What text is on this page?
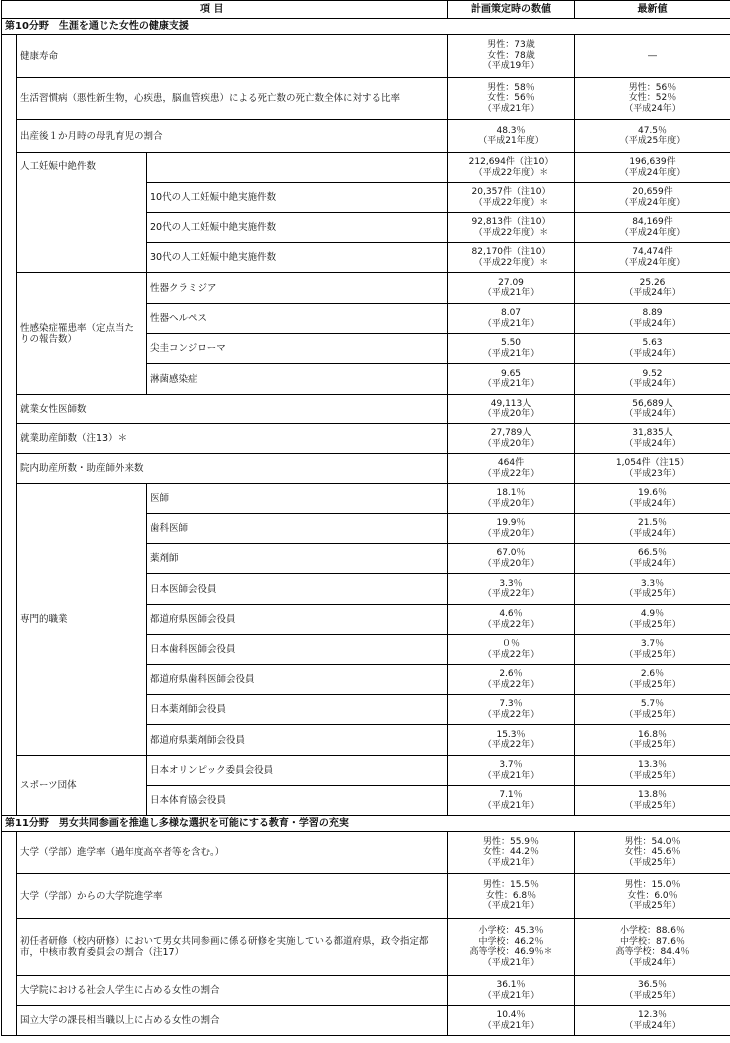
項 目			計画策定時の数値	最新値
第10分野　生涯を通じた女性の健康支援				
	健康寿命		男性：73歳
女性：78歳
（平成19年）	―
	生活習慣病（悪性新生物，心疾患，脳血管疾患）による死亡数の死亡数全体に対する比率		男性：58％
女性：56％
（平成21年）	男性：56％
女性：52％
（平成24年）
	出産後１か月時の母乳育児の割合		48.3％
（平成21年度）	47.5％
（平成25年度）
	人工妊娠中絶件数		212,694件（注10）
（平成22年度）＊	196,639件
（平成24年度）
		10代の人工妊娠中絶実施件数	20,357件（注10）
（平成22年度）＊	20,659件
（平成24年度）
		20代の人工妊娠中絶実施件数	92,813件（注10）
（平成22年度）＊	84,169件
（平成24年度）
		30代の人工妊娠中絶実施件数	82,170件（注10）
（平成22年度）＊	74,474件
（平成24年度）
	性感染症罹患率（定点当たりの報告数）	性器クラミジア	27.09
（平成21年）	25.26
（平成24年）
		性器ヘルペス	8.07
（平成21年）	8.89
（平成24年）
		尖圭コンジローマ	5.50
（平成21年）	5.63
（平成24年）
		淋菌感染症	9.65
（平成21年）	9.52
（平成24年）
	就業女性医師数		49,113人
（平成20年）	56,689人
（平成24年）
	就業助産師数（注13）＊		27,789人
（平成20年）	31,835人
（平成24年）
	院内助産所数・助産師外来数		464件
（平成22年）	1,054件（注15）
（平成23年）
	専門的職業	医師	18.1％
（平成20年）	19.6％
（平成24年）
		歯科医師	19.9％
（平成20年）	21.5％
（平成24年）
		薬剤師	67.0％
（平成20年）	66.5％
（平成24年）
		日本医師会役員	3.3％
（平成22年）	3.3％
（平成25年）
		都道府県医師会役員	4.6％
（平成22年）	4.9％
（平成25年）
		日本歯科医師会役員	０％
（平成22年）	3.7％
（平成25年）
		都道府県歯科医師会役員	2.6％
（平成22年）	2.6％
（平成25年）
		日本薬剤師会役員	7.3％
（平成22年）	5.7％
（平成25年）
		都道府県薬剤師会役員	15.3％
（平成22年）	16.8％
（平成25年）
	スポーツ団体	日本オリンピック委員会役員	3.7％
（平成21年）	13.3％
（平成25年）
		日本体育協会役員	7.1％
（平成21年）	13.8％
（平成25年）
第11分野　男女共同参画を推進し多様な選択を可能にする教育・学習の充実				
	大学（学部）進学率（過年度高卒者等を含む。）		男性：55.9％
女性：44.2％
（平成21年）	男性：54.0％
女性：45.6％
（平成25年）
	大学（学部）からの大学院進学率		男性：15.5％
女性：6.8％
（平成21年）	男性：15.0％
女性：6.0％
（平成25年）
	初任者研修（校内研修）において男女共同参画に係る研修を実施している都道府県，政令指定都市，中核市教育委員会の割合（注17）		小学校：45.3％
中学校：46.2％
高等学校：46.9％＊
（平成21年）	小学校：88.6％
中学校：87.6％
高等学校：84.4％
（平成24年）
	大学院における社会人学生に占める女性の割合		36.1％
（平成21年）	36.5％
（平成25年）
	国立大学の課長相当職以上に占める女性の割合		10.4％
（平成21年）	12.3％
（平成24年）
